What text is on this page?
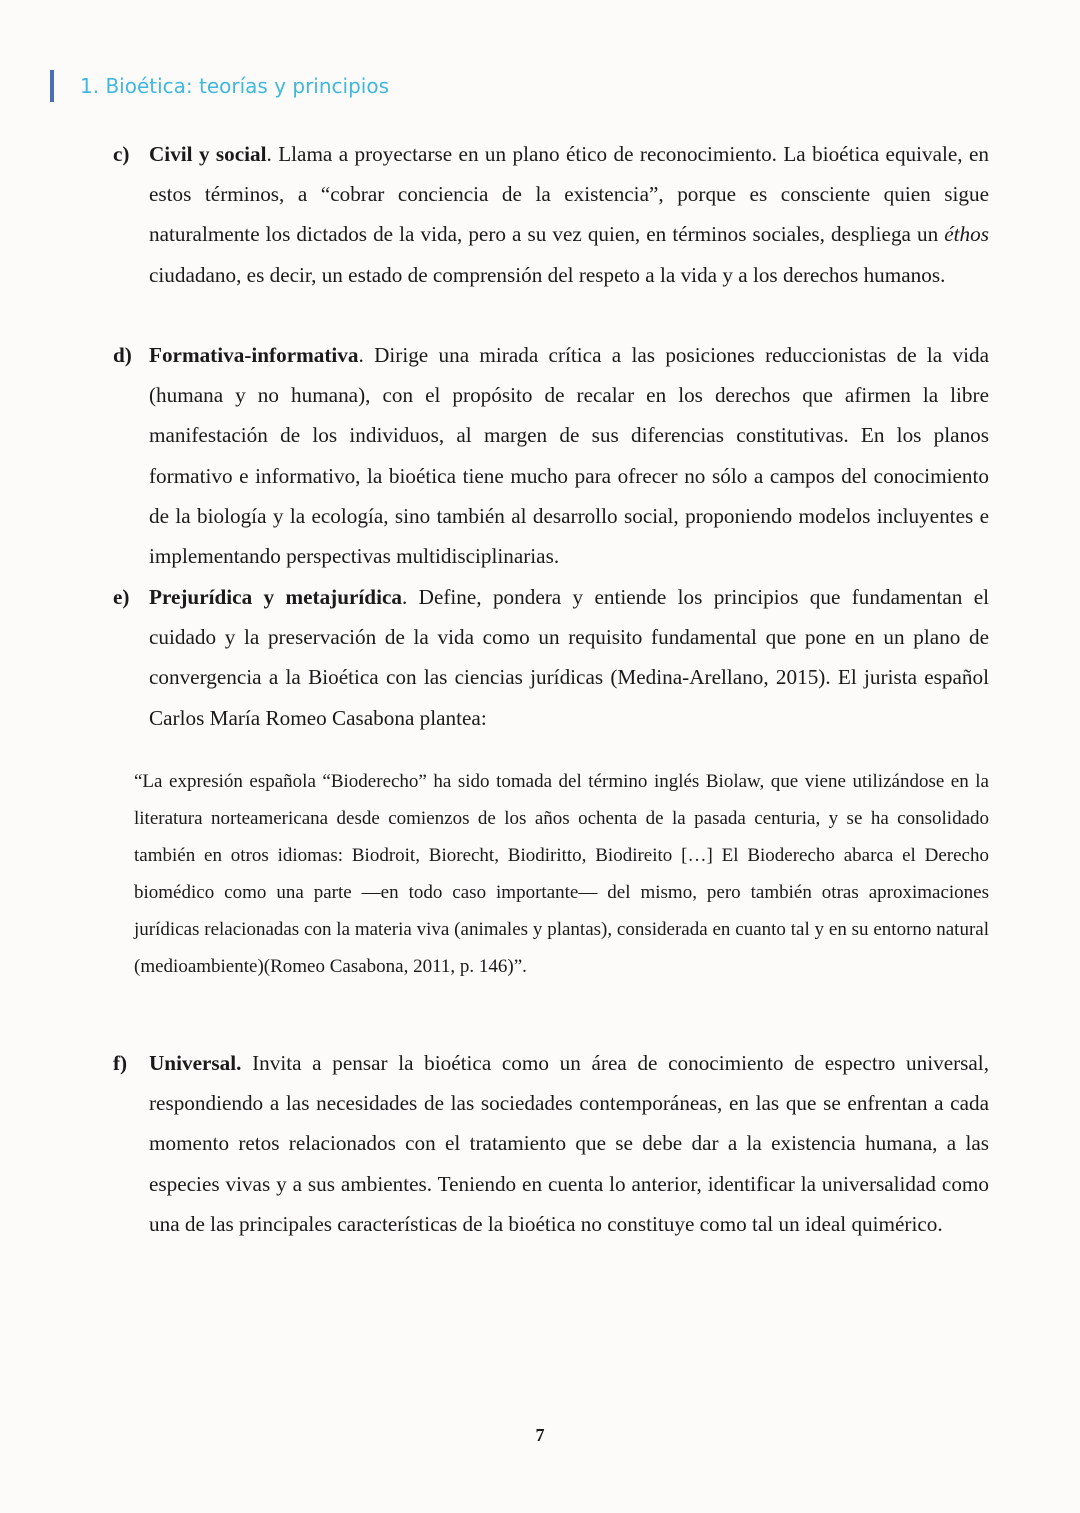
1. Bioética: teorías y principios
c) Civil y social. Llama a proyectarse en un plano ético de reconocimiento. La bioética equivale, en estos términos, a “cobrar conciencia de la existencia”, porque es consciente quien sigue naturalmente los dictados de la vida, pero a su vez quien, en términos sociales, despliega un éthos ciudadano, es decir, un estado de comprensión del respeto a la vida y a los derechos humanos.
d) Formativa-informativa. Dirige una mirada crítica a las posiciones reduccionistas de la vida (humana y no humana), con el propósito de recalar en los derechos que afirmen la libre manifestación de los individuos, al margen de sus diferencias constitutivas. En los planos formativo e informativo, la bioética tiene mucho para ofrecer no sólo a campos del conocimiento de la biología y la ecología, sino también al desarrollo social, proponiendo modelos incluyentes e implementando perspectivas multidisciplinarias.
e) Prejurídica y metajurídica. Define, pondera y entiende los principios que fundamentan el cuidado y la preservación de la vida como un requisito fundamental que pone en un plano de convergencia a la Bioética con las ciencias jurídicas (Medina-Arellano, 2015). El jurista español Carlos María Romeo Casabona plantea:
“La expresión española “Bioderecho” ha sido tomada del término inglés Biolaw, que viene utilizándose en la literatura norteamericana desde comienzos de los años ochenta de la pasada centuria, y se ha consolidado también en otros idiomas: Biodroit, Biorecht, Biodiritto, Biodireito […] El Bioderecho abarca el Derecho biomédico como una parte —en todo caso importante— del mismo, pero también otras aproximaciones jurídicas relacionadas con la materia viva (animales y plantas), considerada en cuanto tal y en su entorno natural (medioambiente)(Romeo Casabona, 2011, p. 146)”.
f) Universal. Invita a pensar la bioética como un área de conocimiento de espectro universal, respondiendo a las necesidades de las sociedades contemporáneas, en las que se enfrentan a cada momento retos relacionados con el tratamiento que se debe dar a la existencia humana, a las especies vivas y a sus ambientes. Teniendo en cuenta lo anterior, identificar la universalidad como una de las principales características de la bioética no constituye como tal un ideal quimérico.
7
